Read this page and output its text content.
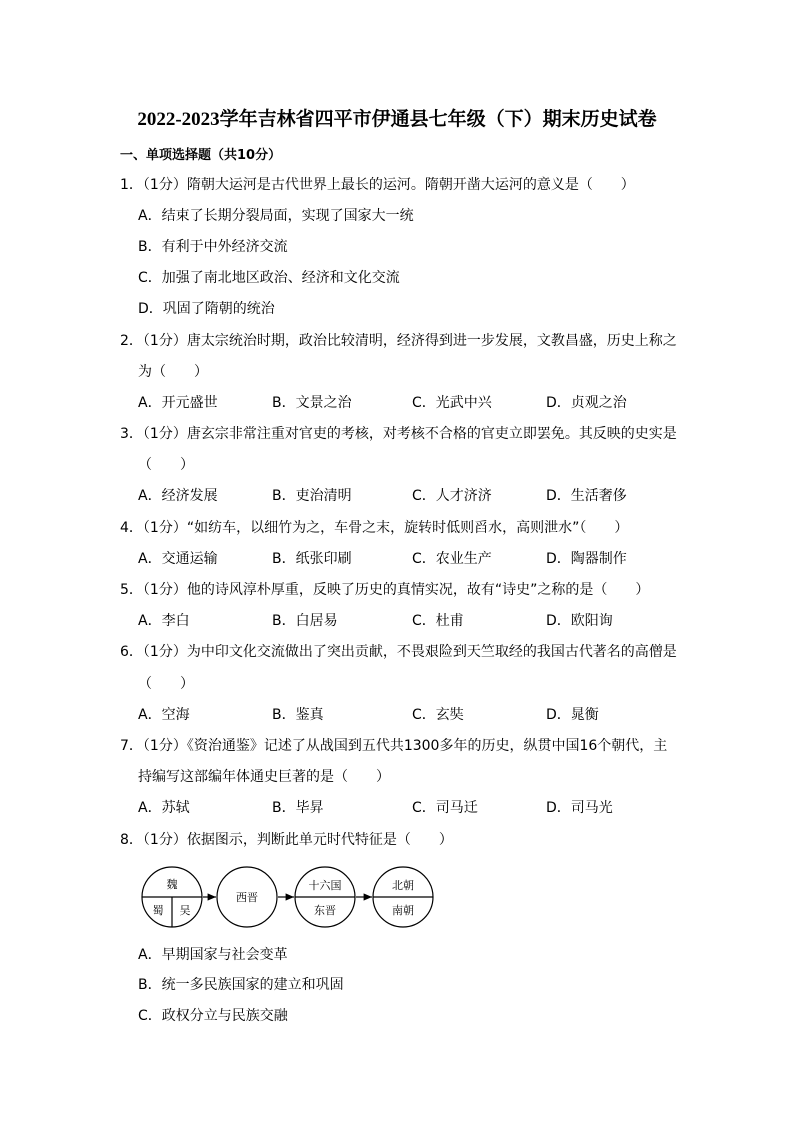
2022-2023学年吉林省四平市伊通县七年级（下）期末历史试卷
一、单项选择题（共10分）
1．（1分）隋朝大运河是古代世界上最长的运河。隋朝开凿大运河的意义是（　　）
A．结束了长期分裂局面，实现了国家大一统
B．有利于中外经济交流
C．加强了南北地区政治、经济和文化交流
D．巩固了隋朝的统治
2．（1分）唐太宗统治时期，政治比较清明，经济得到进一步发展，文教昌盛，历史上称之
为（　　）
A．开元盛世	B．文景之治	C．光武中兴	D．贞观之治
3．（1分）唐玄宗非常注重对官吏的考核，对考核不合格的官吏立即罢免。其反映的史实是
（　　）
A．经济发展	B．吏治清明	C．人才济济	D．生活奢侈
4．（1分）“如纺车，以细竹为之，车骨之末，旋转时低则舀水，高则泄水”（　　）
A．交通运输	B．纸张印刷	C．农业生产	D．陶器制作
5．（1分）他的诗风淳朴厚重，反映了历史的真情实况，故有“诗史”之称的是（　　）
A．李白	B．白居易	C．杜甫	D．欧阳询
6．（1分）为中印文化交流做出了突出贡献，不畏艰险到天竺取经的我国古代著名的高僧是
（　　）
A．空海	B．鉴真	C．玄奘	D．晁衡
7．（1分）《资治通鉴》记述了从战国到五代共1300多年的历史，纵贯中国16个朝代，主
持编写这部编年体通史巨著的是（　　）
A．苏轼	B．毕昇	C．司马迁	D．司马光
8．（1分）依据图示，判断此单元时代特征是（　　）
魏
蜀 吴
西晋
十六国
东晋
北朝
南朝
A．早期国家与社会变革
B．统一多民族国家的建立和巩固
C．政权分立与民族交融
